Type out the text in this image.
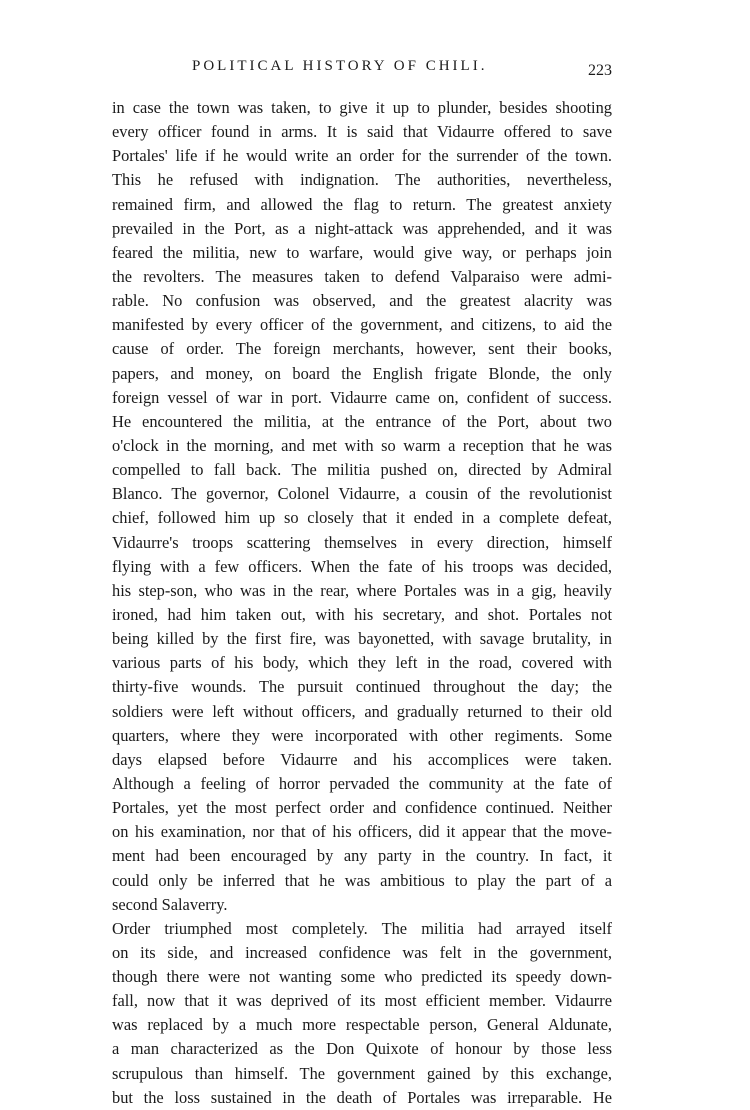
POLITICAL HISTORY OF CHILI.	223
in case the town was taken, to give it up to plunder, besides shooting
every officer found in arms. It is said that Vidaurre offered to save
Portales' life if he would write an order for the surrender of the town.
This he refused with indignation. The authorities, nevertheless,
remained firm, and allowed the flag to return. The greatest anxiety
prevailed in the Port, as a night-attack was apprehended, and it was
feared the militia, new to warfare, would give way, or perhaps join
the revolters. The measures taken to defend Valparaiso were admi-
rable. No confusion was observed, and the greatest alacrity was
manifested by every officer of the government, and citizens, to aid the
cause of order. The foreign merchants, however, sent their books,
papers, and money, on board the English frigate Blonde, the only
foreign vessel of war in port. Vidaurre came on, confident of success.
He encountered the militia, at the entrance of the Port, about two
o'clock in the morning, and met with so warm a reception that he was
compelled to fall back. The militia pushed on, directed by Admiral
Blanco. The governor, Colonel Vidaurre, a cousin of the revolutionist
chief, followed him up so closely that it ended in a complete defeat,
Vidaurre's troops scattering themselves in every direction, himself
flying with a few officers. When the fate of his troops was decided,
his step-son, who was in the rear, where Portales was in a gig, heavily
ironed, had him taken out, with his secretary, and shot. Portales not
being killed by the first fire, was bayonetted, with savage brutality, in
various parts of his body, which they left in the road, covered with
thirty-five wounds. The pursuit continued throughout the day; the
soldiers were left without officers, and gradually returned to their old
quarters, where they were incorporated with other regiments. Some
days elapsed before Vidaurre and his accomplices were taken.
Although a feeling of horror pervaded the community at the fate of
Portales, yet the most perfect order and confidence continued. Neither
on his examination, nor that of his officers, did it appear that the move-
ment had been encouraged by any party in the country. In fact, it
could only be inferred that he was ambitious to play the part of a
second Salaverry.
Order triumphed most completely. The militia had arrayed itself
on its side, and increased confidence was felt in the government,
though there were not wanting some who predicted its speedy down-
fall, now that it was deprived of its most efficient member. Vidaurre
was replaced by a much more respectable person, General Aldunate,
a man characterized as the Don Quixote of honour by those less
scrupulous than himself. The government gained by this exchange,
but the loss sustained in the death of Portales was irreparable. He
